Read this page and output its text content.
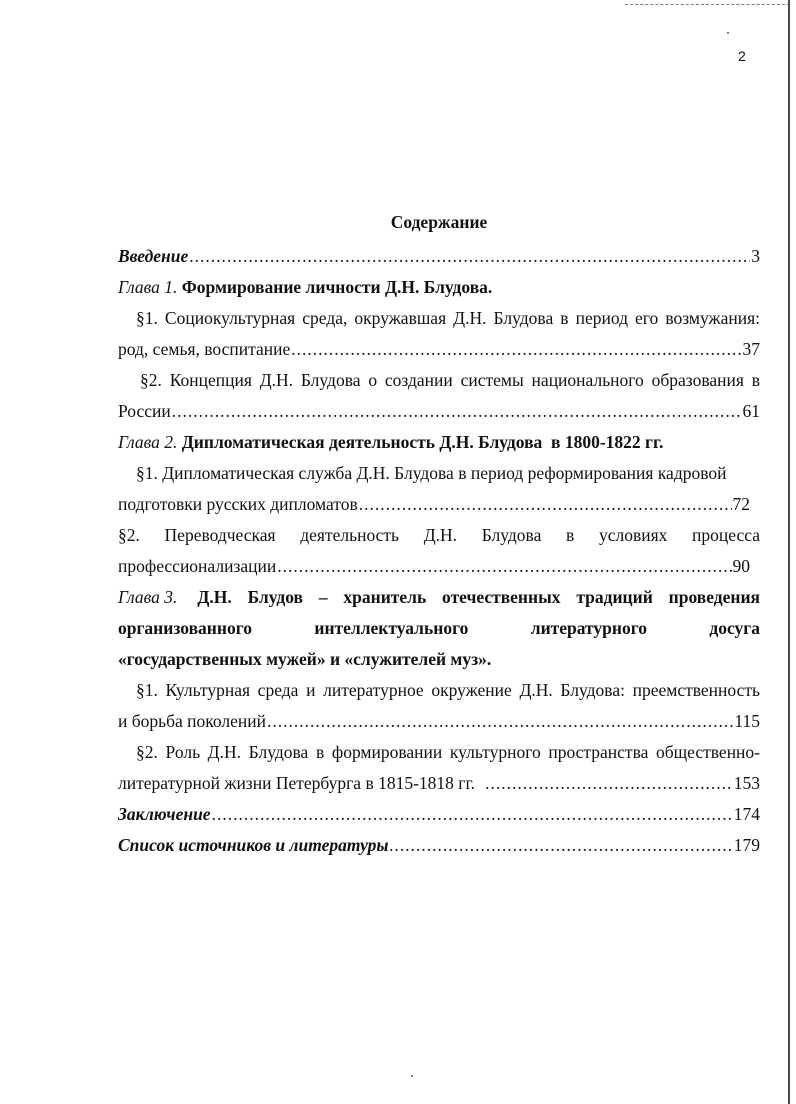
2
Содержание
Введение .....	3
Глава 1. Формирование личности Д.Н. Блудова.
§1. Социокультурная среда, окружавшая Д.Н. Блудова в период его возмужания:
род, семья, воспитание .....	37
§2. Концепция Д.Н. Блудова о создании системы национального образования в
России .....	61
Глава 2. Дипломатическая деятельность Д.Н. Блудова  в 1800-1822 гг.
§1. Дипломатическая служба Д.Н. Блудова в период реформирования кадровой
подготовки русских дипломатов .....	72
§2. Переводческая деятельность Д.Н. Блудова в условиях процесса
профессионализации .....	90
Глава 3. Д.Н. Блудов – хранитель отечественных традиций проведения
организованного интеллектуального литературного досуга
«государственных мужей» и «служителей муз».
§1. Культурная среда и литературное окружение Д.Н. Блудова: преемственность
и борьба поколений .....	115
§2. Роль Д.Н. Блудова в формировании культурного пространства общественно-
литературной жизни Петербурга в 1815-1818 гг. .....	153
Заключение .....	174
Список источников и литературы .....	179
